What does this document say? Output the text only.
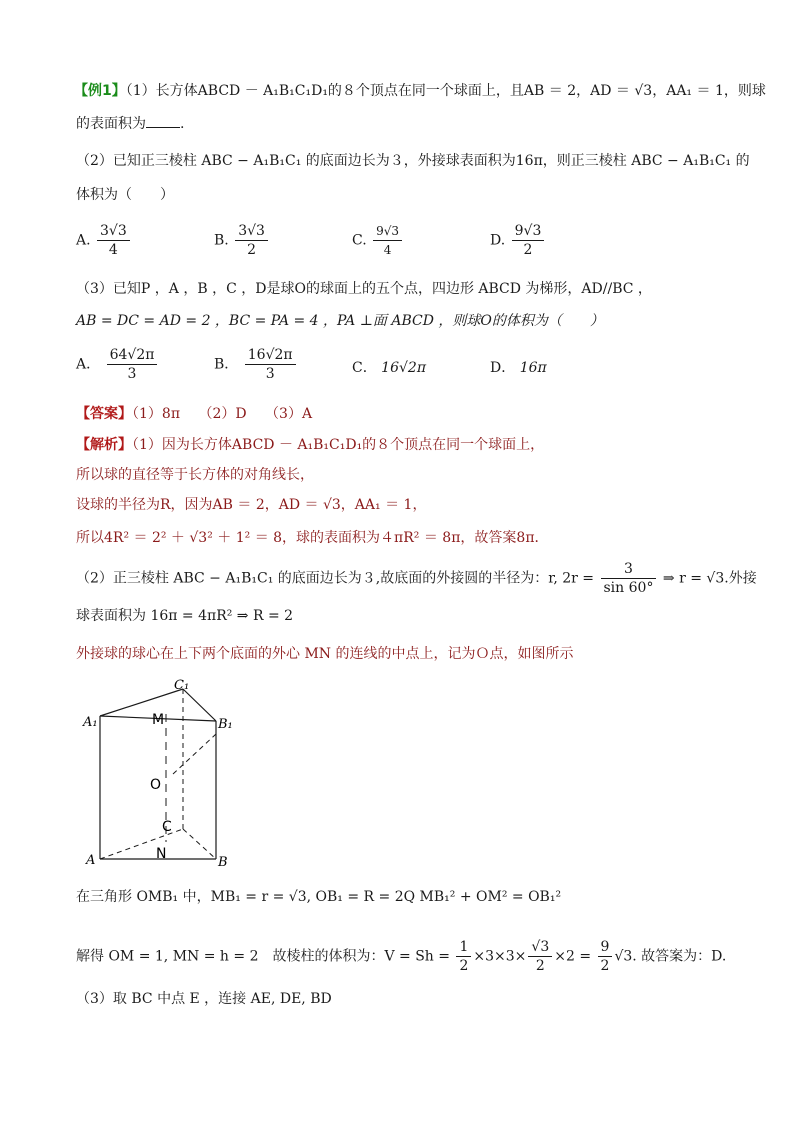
【例1】（1）长方体ABCD － A₁B₁C₁D₁的８个顶点在同一个球面上，且AB ＝ 2，AD ＝ √3，AA₁ ＝ 1，则球
的表面积为 .
（2）已知正三棱柱 ABC − A₁B₁C₁ 的底面边长为３，外接球表面积为16π，则正三棱柱 ABC − A₁B₁C₁ 的
体积为（　　）
A. $\frac{3√3}{4}$	B. $\frac{3√3}{2}$	C. $\frac{9√3}{4}$	D. $\frac{9√3}{2}$
（3）已知P ，A ，B ，C ，D是球O的球面上的五个点，四边形 ABCD 为梯形，AD//BC ，
AB = DC = AD = 2 ，BC = PA = 4 ，PA ⊥面 ABCD ，则球O的体积为（　　）
A． $\frac{64√2\pi}{3}$	B． $\frac{16√2\pi}{3}$	C． 16√2π	D． 16π
【答案】（1）8π　 （2）D　 （3）A
【解析】（1）因为长方体ABCD － A₁B₁C₁D₁的８个顶点在同一个球面上，
所以球的直径等于长方体的对角线长，
设球的半径为R，因为AB ＝ 2，AD ＝ √3，AA₁ ＝ 1，
所以4R² ＝ 2² ＋ √3² ＋ 1² ＝ 8，球的表面积为４πR² ＝ 8π，故答案8π．
（2）正三棱柱 ABC − A₁B₁C₁ 的底面边长为３,故底面的外接圆的半径为：r, $2r = \frac{3}{\sin 60^\circ}$ ⇒ r = √3.外接
球表面积为 16π = 4πR² ⇒ R = 2
外接球的球心在上下两个底面的外心 MN 的连线的中点上，记为Ｏ点，如图所示
C₁
A₁	B₁
M
O
C
N
A	B
在三角形 OMB₁ 中，MB₁ = r = √3, OB₁ = R = 2Q MB₁² + OM² = OB₁²
解得 OM = 1, MN = h = 2　故棱柱的体积为：$V = Sh = \frac{1}{2} \times 3\times 3\times \frac{√3}{2} \times 2 = \frac{9}{2} √3$. 故答案为：D.
（3）取 BC 中点 E ，连接 AE, DE, BD
